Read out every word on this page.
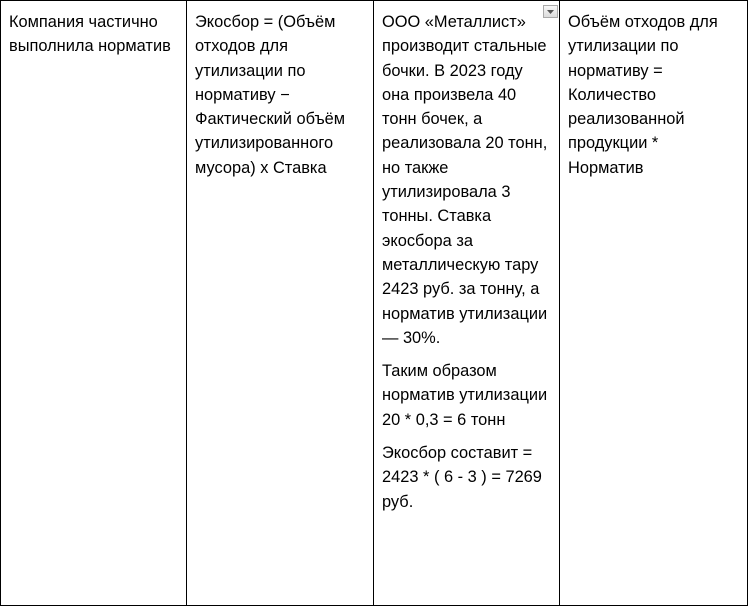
Компания частично выполнила норматив

Экосбор = (Объём отходов для утилизации по нормативу − Фактический объём утилизированного мусора) х Ставка

ООО «Металлист» производит стальные бочки. В 2023 году она произвела 40 тонн бочек, а реализовала 20 тонн, но также утилизировала 3 тонны. Ставка экосбора за металлическую тару 2423 руб. за тонну, а норматив утилизации — 30%.

Таким образом норматив утилизации 20 * 0,3 = 6 тонн

Экосбор составит = 2423 * ( 6 - 3 ) = 7269 руб.

Объём отходов для утилизации по нормативу = Количество реализованной продукции * Норматив
